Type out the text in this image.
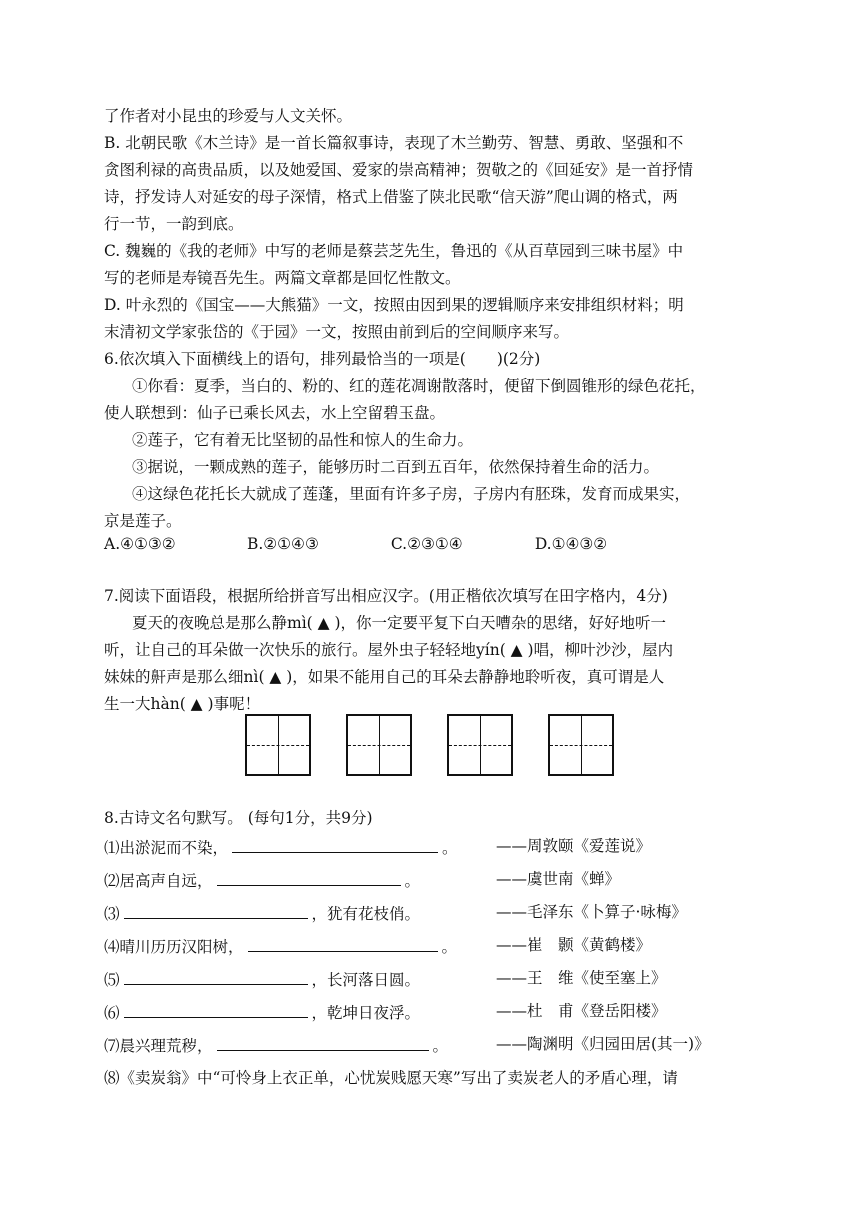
了作者对小昆虫的珍爱与人文关怀。
B. 北朝民歌《木兰诗》是一首长篇叙事诗，表现了木兰勤劳、智慧、勇敢、坚强和不
贪图利禄的高贵品质，以及她爱国、爱家的崇高精神；贺敬之的《回延安》是一首抒情
诗，抒发诗人对延安的母子深情，格式上借鉴了陕北民歌“信天游”爬山调的格式，两
行一节，一韵到底。
C. 魏巍的《我的老师》中写的老师是蔡芸芝先生，鲁迅的《从百草园到三味书屋》中
写的老师是寿镜吾先生。两篇文章都是回忆性散文。
D. 叶永烈的《国宝——大熊猫》一文，按照由因到果的逻辑顺序来安排组织材料；明
末清初文学家张岱的《于园》一文，按照由前到后的空间顺序来写。
6.依次填入下面横线上的语句，排列最恰当的一项是(　　)(2分)
①你看：夏季，当白的、粉的、红的莲花凋谢散落时，便留下倒圆锥形的绿色花托，
使人联想到：仙子已乘长风去，水上空留碧玉盘。
②莲子，它有着无比坚韧的品性和惊人的生命力。
③据说，一颗成熟的莲子，能够历时二百到五百年，依然保持着生命的活力。
④这绿色花托长大就成了莲蓬，里面有许多子房，子房内有胚珠，发育而成果实，
京是莲子。
A.④①③②	B.②①④③	C.②③①④	D.①④③②
7.阅读下面语段，根据所给拼音写出相应汉字。(用正楷依次填写在田字格内，4分)
夏天的夜晚总是那么静mì( ▲ )，你一定要平复下白天嘈杂的思绪，好好地听一
听，让自己的耳朵做一次快乐的旅行。屋外虫子轻轻地yín( ▲ )唱，柳叶沙沙，屋内
妹妹的鼾声是那么细nì( ▲ )，如果不能用自己的耳朵去静静地聆听夜，真可谓是人
生一大hàn( ▲ )事呢！
8.古诗文名句默写。 (每句1分，共9分)
⑴出淤泥而不染，	。	——周敦颐《爱莲说》
⑵居高声自远，	。	——虞世南《蝉》
⑶	，犹有花枝俏。	——毛泽东《卜算子·咏梅》
⑷晴川历历汉阳树，	。	——崔　颢《黄鹤楼》
⑸	，长河落日圆。	——王　维《使至塞上》
⑹	，乾坤日夜浮。	——杜　甫《登岳阳楼》
⑺晨兴理荒秽，	。	——陶渊明《归园田居(其一)》
⑻《卖炭翁》中“可怜身上衣正单，心忧炭贱愿天寒”写出了卖炭老人的矛盾心理，请
